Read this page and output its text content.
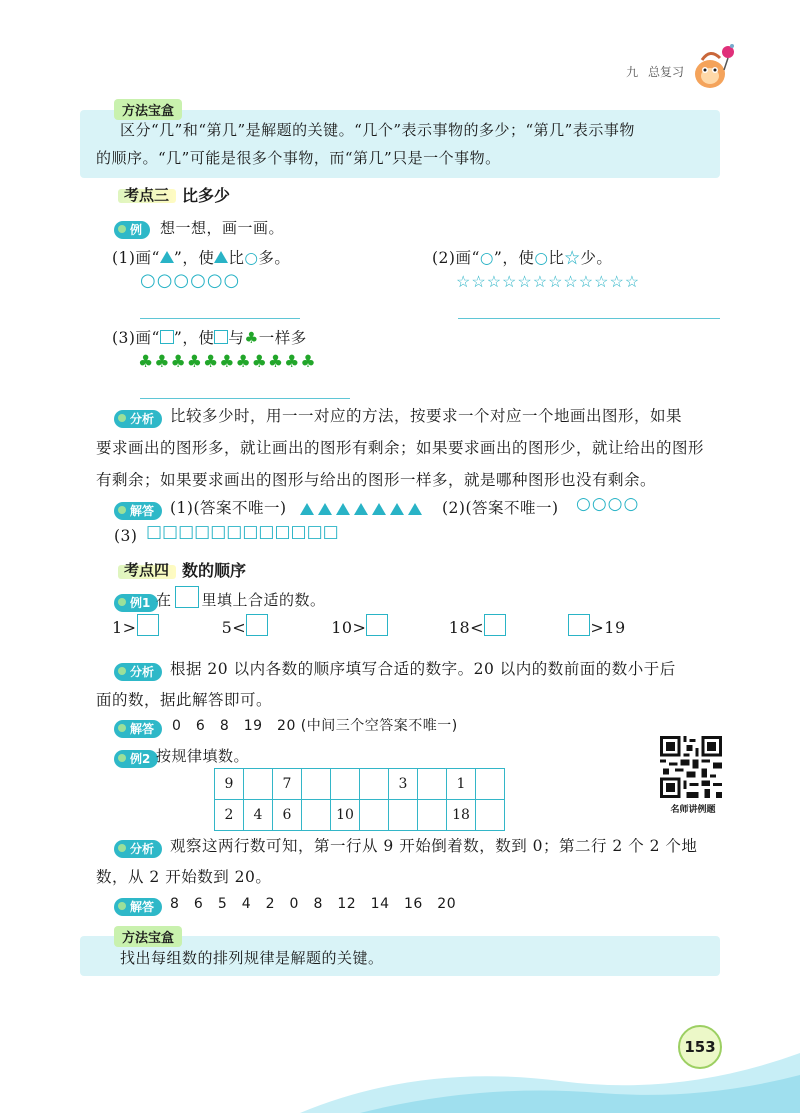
九 总复习
方法宝盒
区分“几”和“第几”是解题的关键。“几个”表示事物的多少；“第几”表示事物
的顺序。“几”可能是很多个事物，而“第几”只是一个事物。
考点三 比多少
例	想一想，画一画。
(1)画“ ”，使 比○多。
○○○○○○
(2)画“○”，使○比☆少。
☆☆☆☆☆☆☆☆☆☆☆☆
(3)画“ ”，使 与♣一样多
♣♣♣♣♣♣♣♣♣♣♣
分析	比较多少时，用一一对应的方法，按要求一个对应一个地画出图形，如果
要求画出的图形多，就让画出的图形有剩余；如果要求画出的图形少，就让给出的图形
有剩余；如果要求画出的图形与给出的图形一样多，就是哪种图形也没有剩余。
解答	(1)(答案不唯一)	(2)(答案不唯一) ○○○○
(3) □□□□□□□□□□□□
考点四 数的顺序
例1 在 里填上合适的数。
1>	5<	10>	18<	>19
分析	根据 20 以内各数的顺序填写合适的数字。20 以内的数前面的数小于后
面的数，据此解答即可。
解答	0　6　8　19　20 (中间三个空答案不唯一)
例2 按规律填数。
9		7				3		1	
2	4	6		10				18		名师讲例题
分析	观察这两行数可知，第一行从 9 开始倒着数，数到 0；第二行 2 个 2 个地
数，从 2 开始数到 20。
解答	8　6　5　4　2　0　8　12　14　16　20
方法宝盒
找出每组数的排列规律是解题的关键。
153
